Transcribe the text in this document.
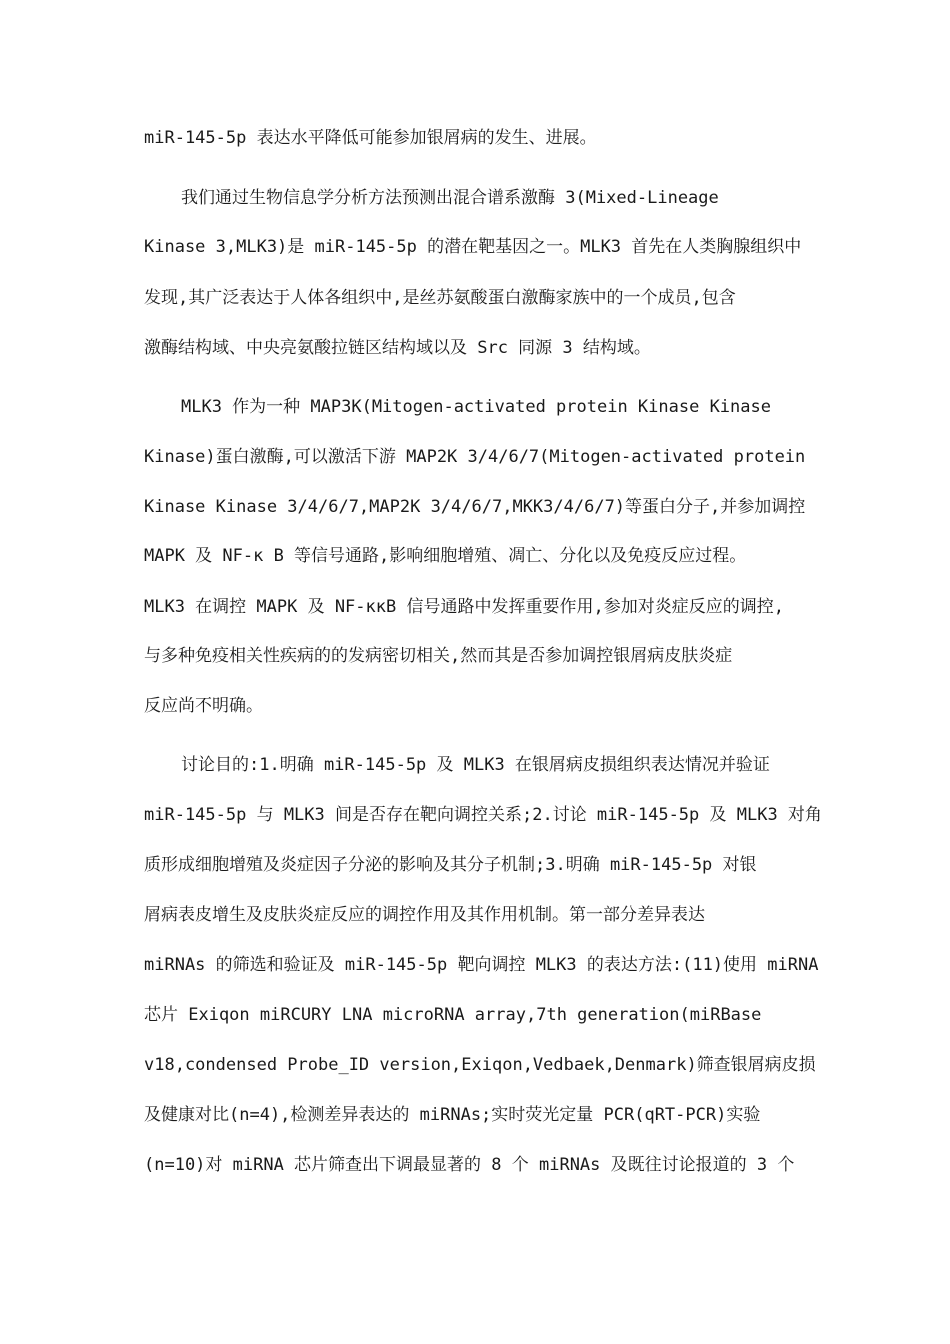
miR-145-5p 表达水平降低可能参加银屑病的发生、进展。
我们通过生物信息学分析方法预测出混合谱系激酶 3(Mixed-Lineage
Kinase 3,MLK3)是 miR-145-5p 的潜在靶基因之一。MLK3 首先在人类胸腺组织中
发现,其广泛表达于人体各组织中,是丝苏氨酸蛋白激酶家族中的一个成员,包含
激酶结构域、中央亮氨酸拉链区结构域以及 Src 同源 3 结构域。
MLK3 作为一种 MAP3K(Mitogen-activated protein Kinase Kinase
Kinase)蛋白激酶,可以激活下游 MAP2K 3/4/6/7(Mitogen-activated protein
Kinase Kinase 3/4/6/7,MAP2K 3/4/6/7,MKK3/4/6/7)等蛋白分子,并参加调控
MAPK 及 NF-κ B 等信号通路,影响细胞增殖、凋亡、分化以及免疫反应过程。
MLK3 在调控 MAPK 及 NF-κκB 信号通路中发挥重要作用,参加对炎症反应的调控,
与多种免疫相关性疾病的的发病密切相关,然而其是否参加调控银屑病皮肤炎症
反应尚不明确。
讨论目的:1.明确 miR-145-5p 及 MLK3 在银屑病皮损组织表达情况并验证
miR-145-5p 与 MLK3 间是否存在靶向调控关系;2.讨论 miR-145-5p 及 MLK3 对角
质形成细胞增殖及炎症因子分泌的影响及其分子机制;3.明确 miR-145-5p 对银
屑病表皮增生及皮肤炎症反应的调控作用及其作用机制。第一部分差异表达
miRNAs 的筛选和验证及 miR-145-5p 靶向调控 MLK3 的表达方法:(11)使用 miRNA
芯片 Exiqon miRCURY LNA microRNA array,7th generation(miRBase
v18,condensed Probe_ID version,Exiqon,Vedbaek,Denmark)筛查银屑病皮损
及健康对比(n=4),检测差异表达的 miRNAs;实时荧光定量 PCR(qRT-PCR)实验
(n=10)对 miRNA 芯片筛查出下调最显著的 8 个 miRNAs 及既往讨论报道的 3 个
